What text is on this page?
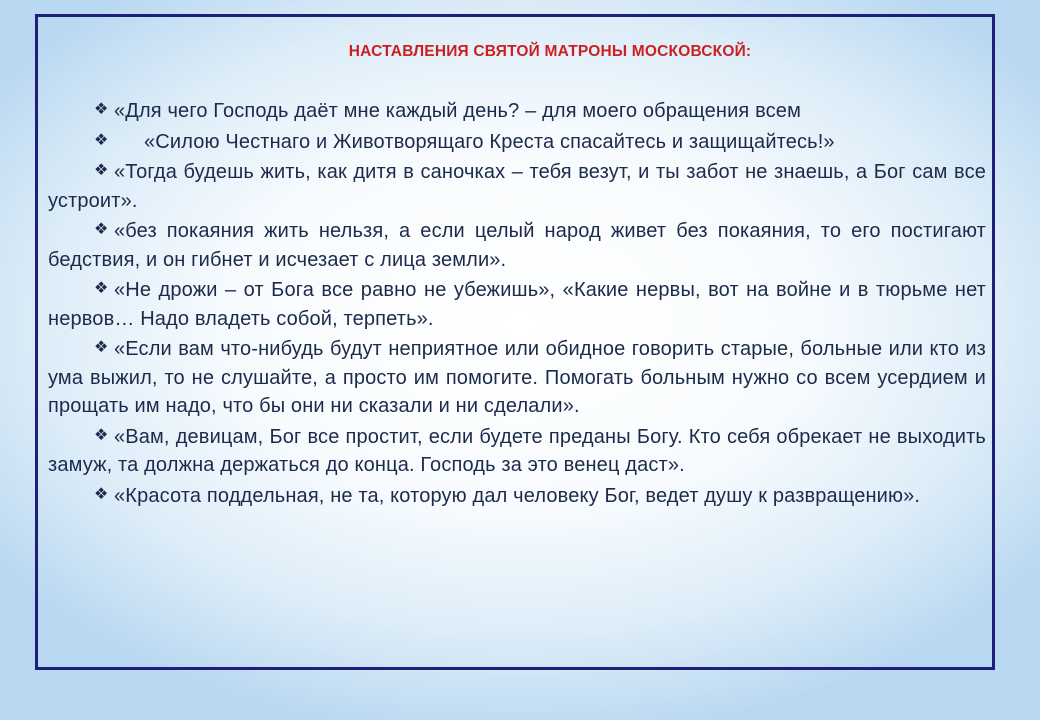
НАСТАВЛЕНИЯ СВЯТОЙ МАТРОНЫ МОСКОВСКОЙ:

❖ «Для чего Господь даёт мне каждый день? – для моего обращения всем

❖ «Силою Честнаго и Животворящаго Креста спасайтесь и защищайтесь!»

❖ «Тогда будешь жить, как дитя в саночках – тебя везут, и ты забот не знаешь, а Бог сам все устроит».

❖ «без покаяния жить нельзя, а если целый народ живет без покаяния, то его постигают бедствия, и он гибнет и исчезает с лица земли».

❖ «Не дрожи – от Бога все равно не убежишь», «Какие нервы, вот на войне и в тюрьме нет нервов… Надо владеть собой, терпеть».

❖ «Если вам что-нибудь будут неприятное или обидное говорить старые, больные или кто из ума выжил, то не слушайте, а просто им помогите. Помогать больным нужно со всем усердием и прощать им надо, что бы они ни сказали и ни сделали».

❖ «Вам, девицам, Бог все простит, если будете преданы Богу. Кто себя обрекает не выходить замуж, та должна держаться до конца. Господь за это венец даст».

❖ «Красота поддельная, не та, которую дал человеку Бог, ведет душу к развращению».
